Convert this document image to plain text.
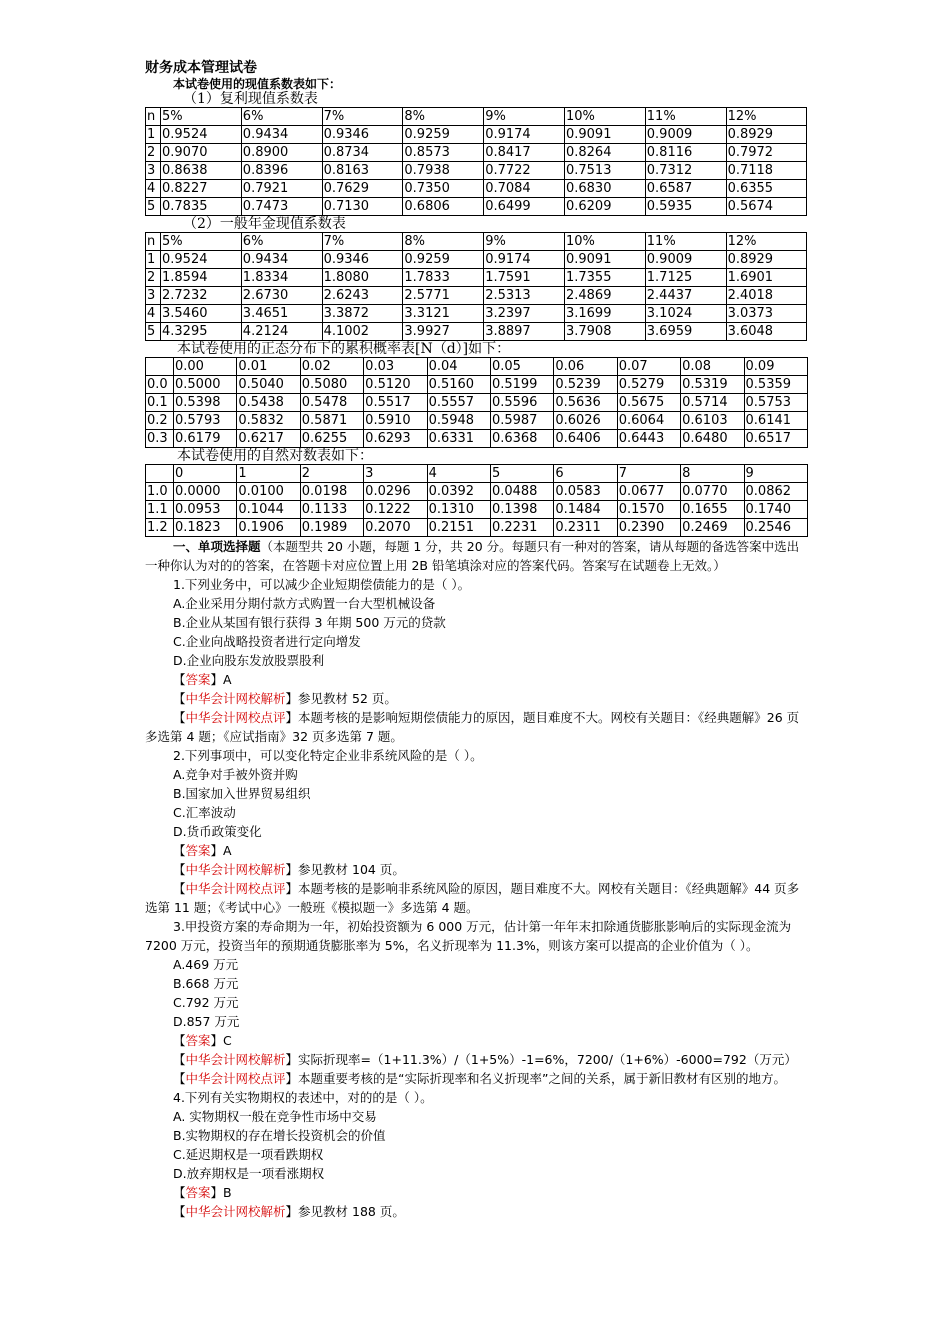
财务成本管理试卷
本试卷使用的现值系数表如下：
（1）复利现值系数表
n	5%	6%	7%	8%	9%	10%	11%	12%
1	0.9524	0.9434	0.9346	0.9259	0.9174	0.9091	0.9009	0.8929
2	0.9070	0.8900	0.8734	0.8573	0.8417	0.8264	0.8116	0.7972
3	0.8638	0.8396	0.8163	0.7938	0.7722	0.7513	0.7312	0.7118
4	0.8227	0.7921	0.7629	0.7350	0.7084	0.6830	0.6587	0.6355
5	0.7835	0.7473	0.7130	0.6806	0.6499	0.6209	0.5935	0.5674
（2）一般年金现值系数表
n	5%	6%	7%	8%	9%	10%	11%	12%
1	0.9524	0.9434	0.9346	0.9259	0.9174	0.9091	0.9009	0.8929
2	1.8594	1.8334	1.8080	1.7833	1.7591	1.7355	1.7125	1.6901
3	2.7232	2.6730	2.6243	2.5771	2.5313	2.4869	2.4437	2.4018
4	3.5460	3.4651	3.3872	3.3121	3.2397	3.1699	3.1024	3.0373
5	4.3295	4.2124	4.1002	3.9927	3.8897	3.7908	3.6959	3.6048
本试卷使用的正态分布下的累积概率表[N（d）]如下：
	0.00	0.01	0.02	0.03	0.04	0.05	0.06	0.07	0.08	0.09
0.0	0.5000	0.5040	0.5080	0.5120	0.5160	0.5199	0.5239	0.5279	0.5319	0.5359
0.1	0.5398	0.5438	0.5478	0.5517	0.5557	0.5596	0.5636	0.5675	0.5714	0.5753
0.2	0.5793	0.5832	0.5871	0.5910	0.5948	0.5987	0.6026	0.6064	0.6103	0.6141
0.3	0.6179	0.6217	0.6255	0.6293	0.6331	0.6368	0.6406	0.6443	0.6480	0.6517
本试卷使用的自然对数表如下：
	0	1	2	3	4	5	6	7	8	9
1.0	0.0000	0.0100	0.0198	0.0296	0.0392	0.0488	0.0583	0.0677	0.0770	0.0862
1.1	0.0953	0.1044	0.1133	0.1222	0.1310	0.1398	0.1484	0.1570	0.1655	0.1740
1.2	0.1823	0.1906	0.1989	0.2070	0.2151	0.2231	0.2311	0.2390	0.2469	0.2546
一、单项选择题（本题型共 20 小题，每题 1 分，共 20 分。每题只有一种对的答案，请从每题的备选答案中选出一种你认为对的的答案，在答题卡对应位置上用 2B 铅笔填涂对应的答案代码。答案写在试题卷上无效。）
1.下列业务中，可以减少企业短期偿债能力的是（ ）。
A.企业采用分期付款方式购置一台大型机械设备
B.企业从某国有银行获得 3 年期 500 万元的贷款
C.企业向战略投资者进行定向增发
D.企业向股东发放股票股利
【答案】A
【中华会计网校解析】参见教材 52 页。
【中华会计网校点评】本题考核的是影响短期偿债能力的原因，题目难度不大。网校有关题目：《经典题解》26 页多选第 4 题；《应试指南》32 页多选第 7 题。
2.下列事项中，可以变化特定企业非系统风险的是（ ）。
A.竞争对手被外资并购
B.国家加入世界贸易组织
C.汇率波动
D.货币政策变化
【答案】A
【中华会计网校解析】参见教材 104 页。
【中华会计网校点评】本题考核的是影响非系统风险的原因，题目难度不大。网校有关题目：《经典题解》44 页多选第 11 题；《考试中心》一般班《模拟题一》多选第 4 题。
3.甲投资方案的寿命期为一年，初始投资额为 6 000 万元，估计第一年年末扣除通货膨胀影响后的实际现金流为 7200 万元，投资当年的预期通货膨胀率为 5%，名义折现率为 11.3%，则该方案可以提高的企业价值为（ ）。
A.469 万元
B.668 万元
C.792 万元
D.857 万元
【答案】C
【中华会计网校解析】实际折现率=（1+11.3%）/（1+5%）-1=6%，7200/（1+6%）-6000=792（万元）
【中华会计网校点评】本题重要考核的是“实际折现率和名义折现率”之间的关系，属于新旧教材有区别的地方。
4.下列有关实物期权的表述中，对的的是（ ）。
A. 实物期权一般在竞争性市场中交易
B.实物期权的存在增长投资机会的价值
C.延迟期权是一项看跌期权
D.放弃期权是一项看涨期权
【答案】B
【中华会计网校解析】参见教材 188 页。
